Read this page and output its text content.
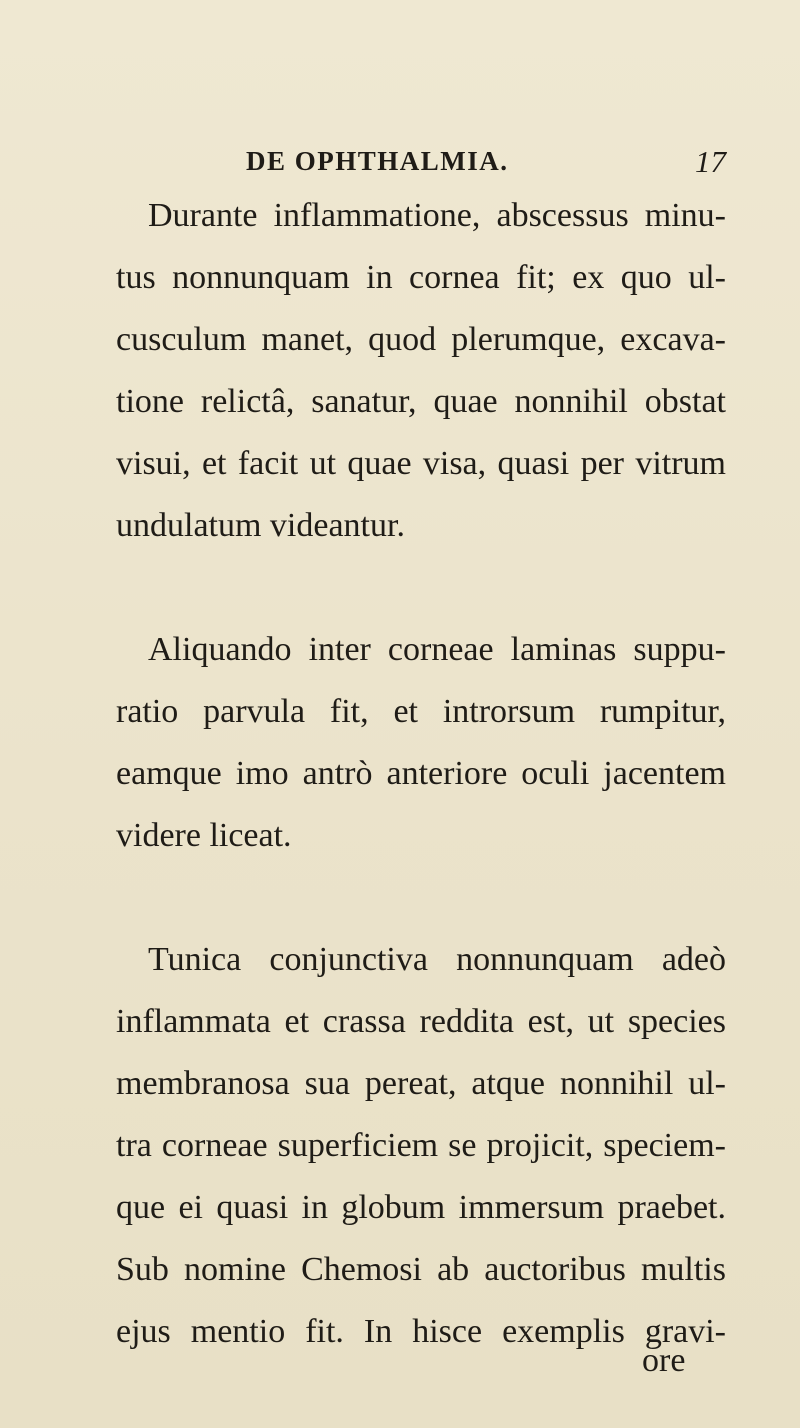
DE OPHTHALMIA.	17
Durante inflammatione, abscessus minu-
tus nonnunquam in cornea fit; ex quo ul-
cusculum manet, quod plerumque, excava-
tione relictâ, sanatur, quae nonnihil obstat
visui, et facit ut quae visa, quasi per vitrum
undulatum videantur.
Aliquando inter corneae laminas suppu-
ratio parvula fit, et introrsum rumpitur,
eamque imo antrò anteriore oculi jacentem
videre liceat.
Tunica conjunctiva nonnunquam adeò
inflammata et crassa reddita est, ut species
membranosa sua pereat, atque nonnihil ul-
tra corneae superficiem se projicit, speciem-
que ei quasi in globum immersum praebet.
Sub nomine Chemosi ab auctoribus multis
ejus mentio fit. In hisce exemplis gravi-
ore
